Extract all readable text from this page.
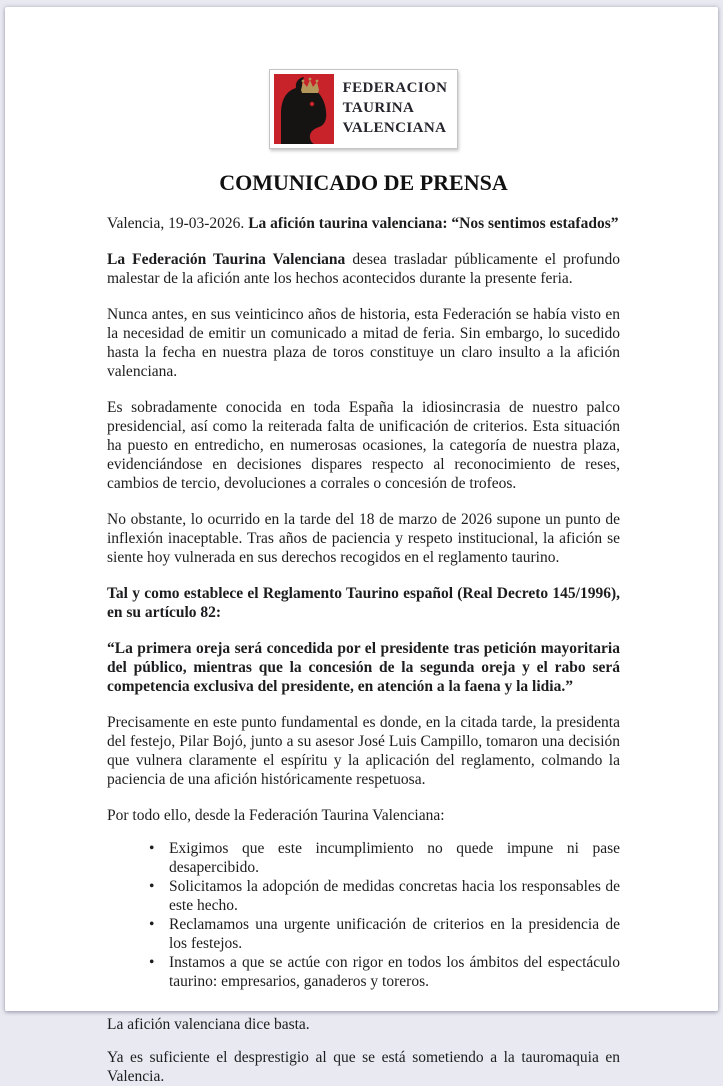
FEDERACION
TAURINA
VALENCIANA
COMUNICADO DE PRENSA

Valencia, 19-03-2026. La afición taurina valenciana: “Nos sentimos estafados”

La Federación Taurina Valenciana desea trasladar públicamente el profundo malestar de la afición ante los hechos acontecidos durante la presente feria.

Nunca antes, en sus veinticinco años de historia, esta Federación se había visto en la necesidad de emitir un comunicado a mitad de feria. Sin embargo, lo sucedido hasta la fecha en nuestra plaza de toros constituye un claro insulto a la afición valenciana.

Es sobradamente conocida en toda España la idiosincrasia de nuestro palco presidencial, así como la reiterada falta de unificación de criterios. Esta situación ha puesto en entredicho, en numerosas ocasiones, la categoría de nuestra plaza, evidenciándose en decisiones dispares respecto al reconocimiento de reses, cambios de tercio, devoluciones a corrales o concesión de trofeos.

No obstante, lo ocurrido en la tarde del 18 de marzo de 2026 supone un punto de inflexión inaceptable. Tras años de paciencia y respeto institucional, la afición se siente hoy vulnerada en sus derechos recogidos en el reglamento taurino.

Tal y como establece el Reglamento Taurino español (Real Decreto 145/1996), en su artículo 82:

“La primera oreja será concedida por el presidente tras petición mayoritaria del público, mientras que la concesión de la segunda oreja y el rabo será competencia exclusiva del presidente, en atención a la faena y la lidia.”

Precisamente en este punto fundamental es donde, en la citada tarde, la presidenta del festejo, Pilar Bojó, junto a su asesor José Luis Campillo, tomaron una decisión que vulnera claramente el espíritu y la aplicación del reglamento, colmando la paciencia de una afición históricamente respetuosa.

Por todo ello, desde la Federación Taurina Valenciana:

• Exigimos que este incumplimiento no quede impune ni pase desapercibido.
• Solicitamos la adopción de medidas concretas hacia los responsables de este hecho.
• Reclamamos una urgente unificación de criterios en la presidencia de los festejos.
• Instamos a que se actúe con rigor en todos los ámbitos del espectáculo taurino: empresarios, ganaderos y toreros.

La afición valenciana dice basta.

Ya es suficiente el desprestigio al que se está sometiendo a la tauromaquia en Valencia.
